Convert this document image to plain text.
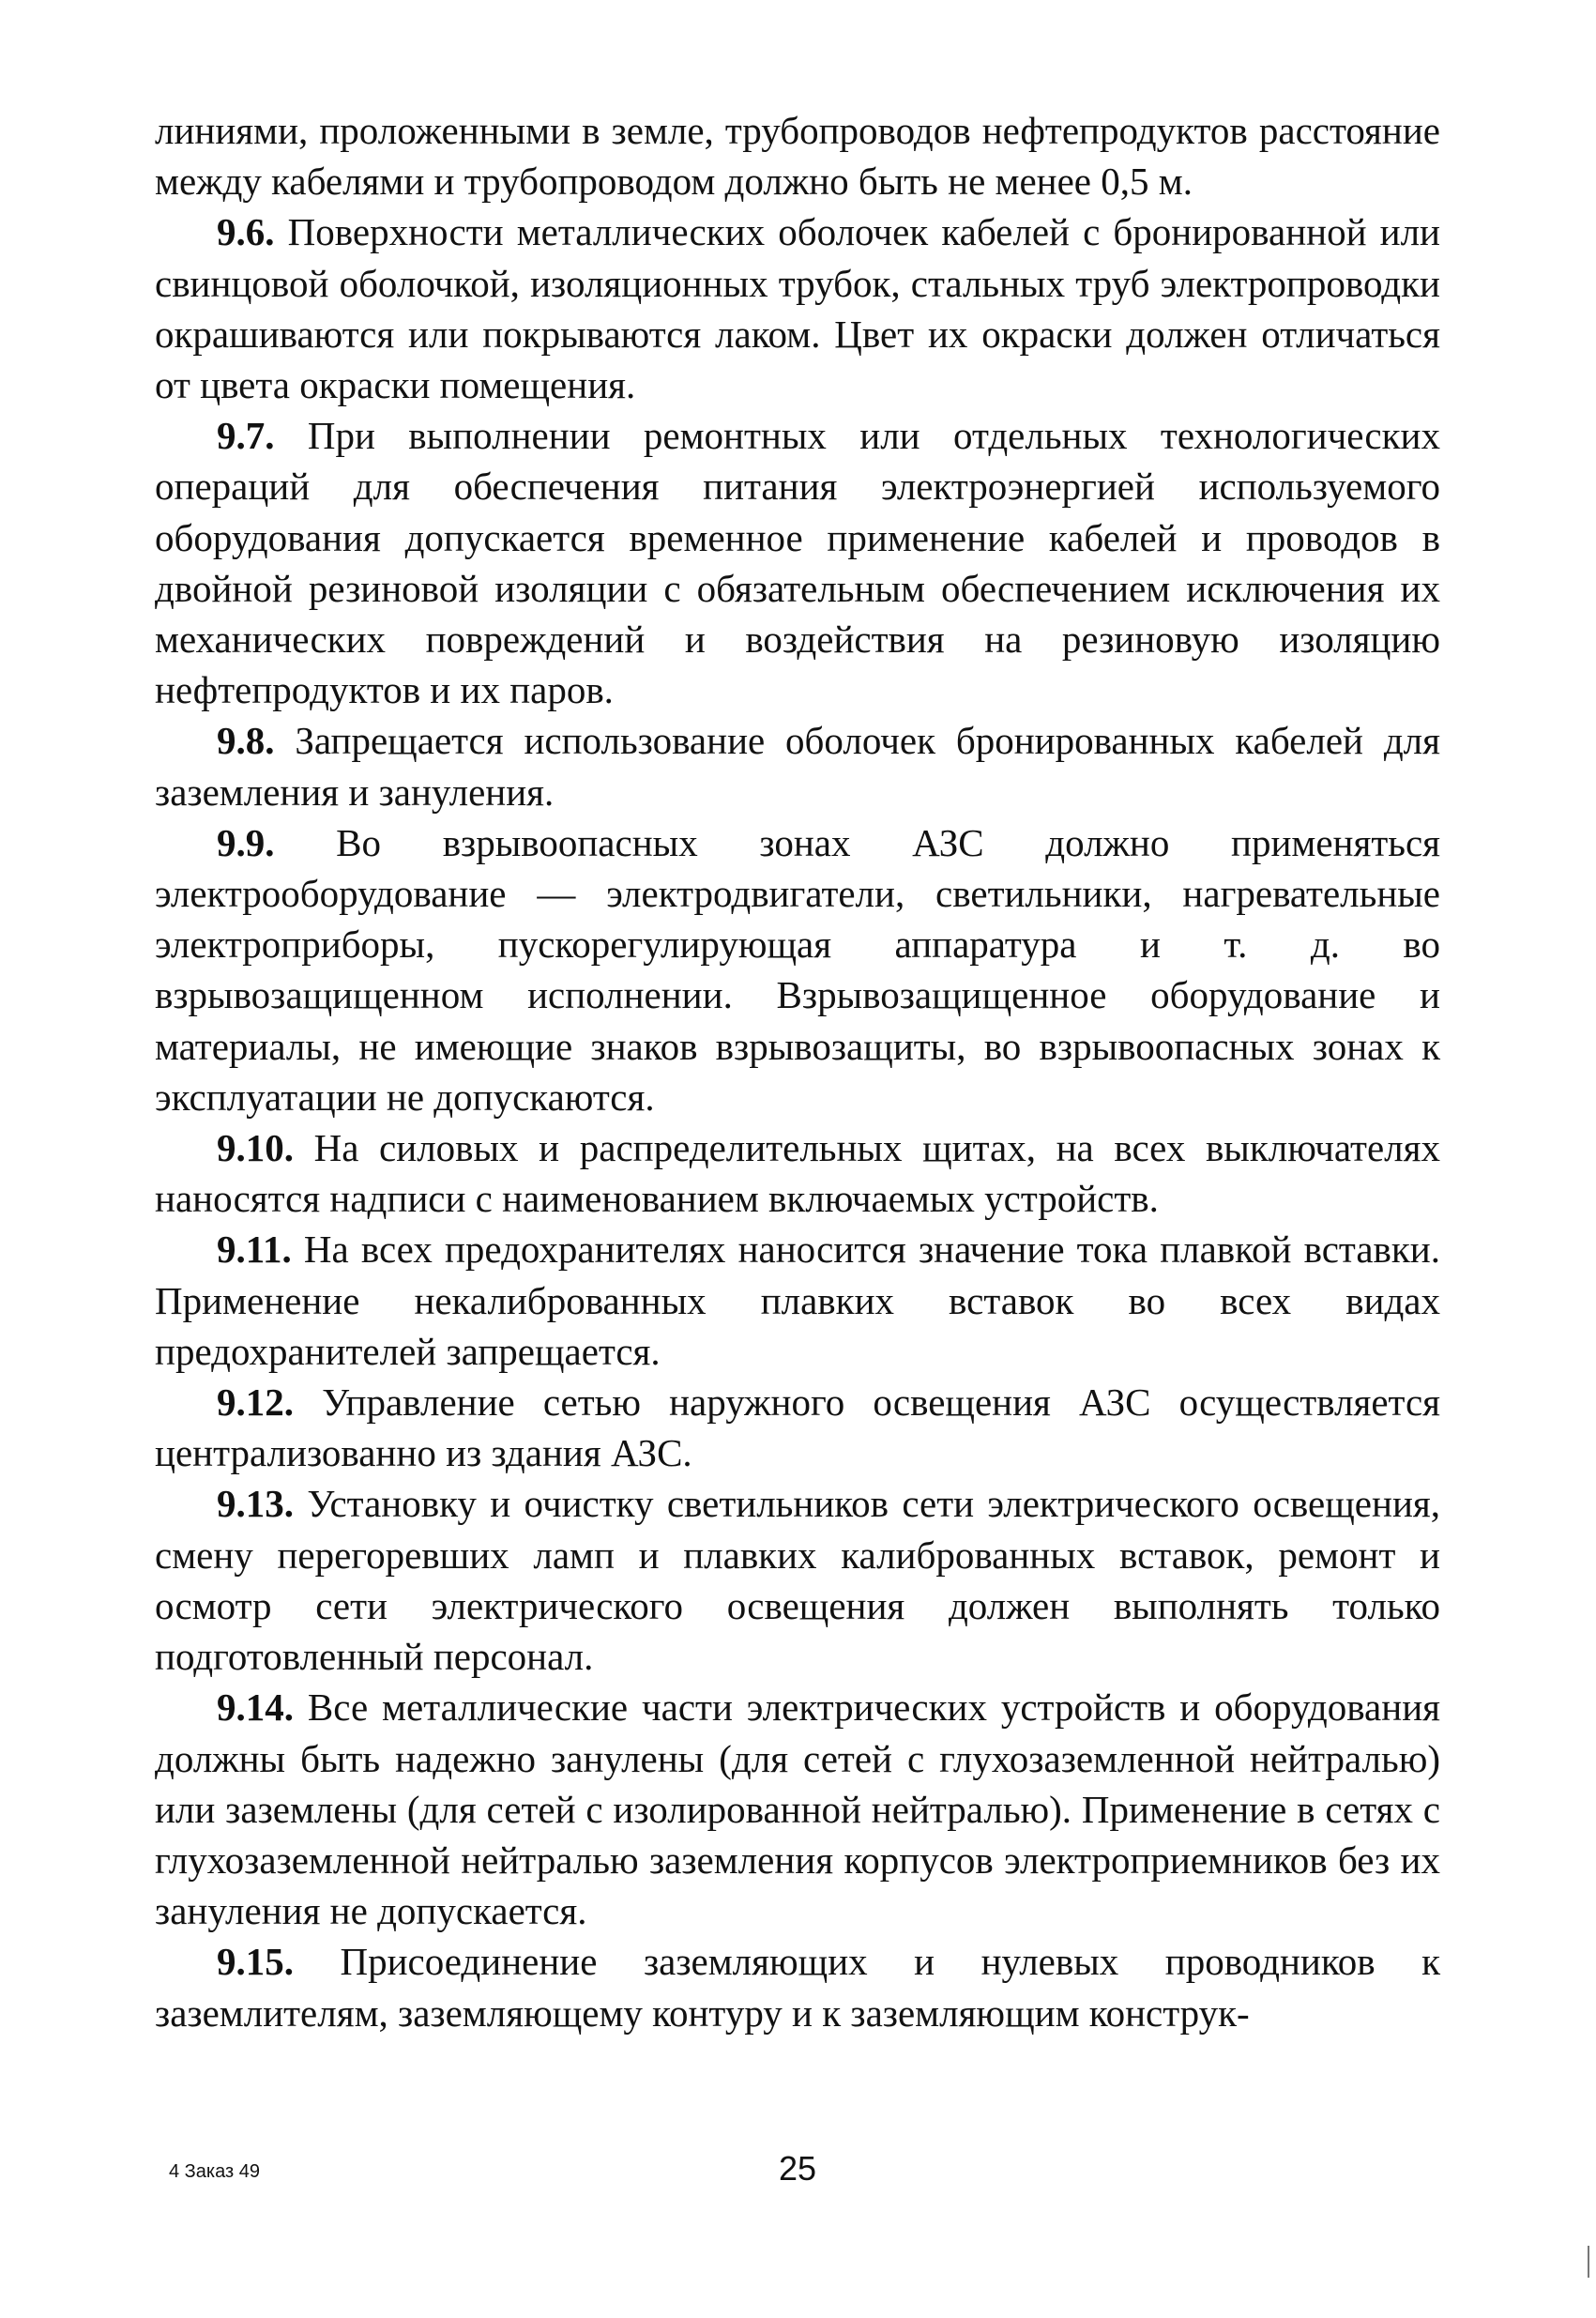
линиями, проложенными в земле, трубопроводов нефтепродуктов расстояние между кабелями и трубопроводом должно быть не менее 0,5 м.

9.6. Поверхности металлических оболочек кабелей с бронированной или свинцовой оболочкой, изоляционных трубок, стальных труб электропроводки окрашиваются или покрываются лаком. Цвет их окраски должен отличаться от цвета окраски помещения.

9.7. При выполнении ремонтных или отдельных технологических операций для обеспечения питания электроэнергией используемого оборудования допускается временное применение кабелей и проводов в двойной резиновой изоляции с обязательным обеспечением исключения их механических повреждений и воздействия на резиновую изоляцию нефтепродуктов и их паров.

9.8. Запрещается использование оболочек бронированных кабелей для заземления и зануления.

9.9. Во взрывоопасных зонах АЗС должно применяться электрооборудование — электродвигатели, светильники, нагревательные электроприборы, пускорегулирующая аппаратура и т. д. во взрывозащищенном исполнении. Взрывозащищенное оборудование и материалы, не имеющие знаков взрывозащиты, во взрывоопасных зонах к эксплуатации не допускаются.

9.10. На силовых и распределительных щитах, на всех выключателях наносятся надписи с наименованием включаемых устройств.

9.11. На всех предохранителях наносится значение тока плавкой вставки. Применение некалиброванных плавких вставок во всех видах предохранителей запрещается.

9.12. Управление сетью наружного освещения АЗС осуществляется централизованно из здания АЗС.

9.13. Установку и очистку светильников сети электрического освещения, смену перегоревших ламп и плавких калиброванных вставок, ремонт и осмотр сети электрического освещения должен выполнять только подготовленный персонал.

9.14. Все металлические части электрических устройств и оборудования должны быть надежно занулены (для сетей с глухозаземленной нейтралью) или заземлены (для сетей с изолированной нейтралью). Применение в сетях с глухозаземленной нейтралью заземления корпусов электроприемников без их зануления не допускается.

9.15. Присоединение заземляющих и нулевых проводников к заземлителям, заземляющему контуру и к заземляющим конструк-

4 Заказ 49	25
